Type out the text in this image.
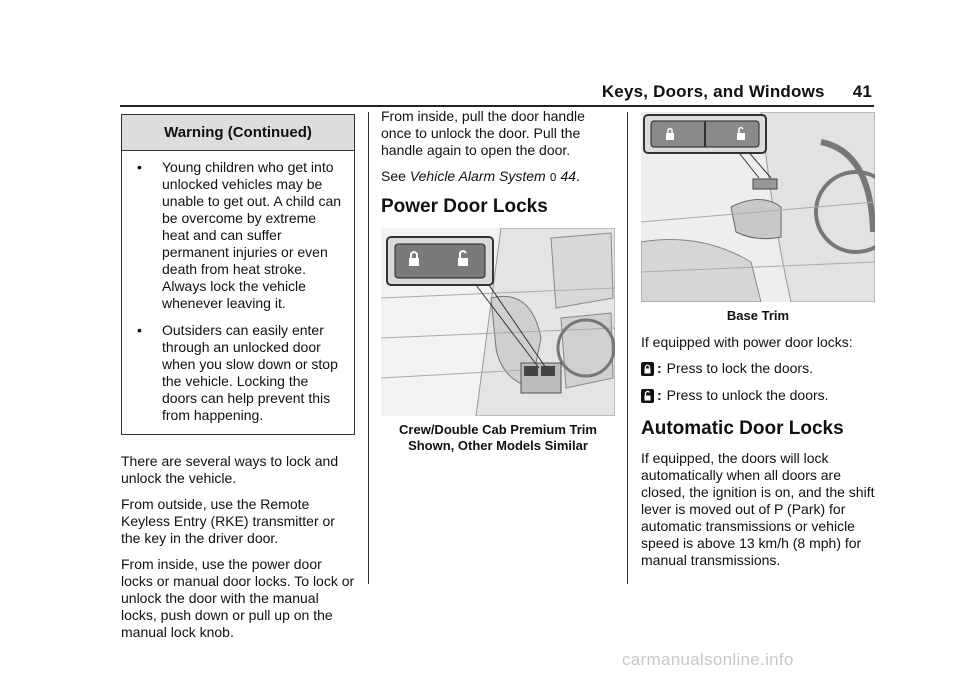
Keys, Doors, and Windows 41
Warning (Continued)
• Young children who get into unlocked vehicles may be unable to get out. A child can be overcome by extreme heat and can suffer permanent injuries or even death from heat stroke. Always lock the vehicle whenever leaving it.
• Outsiders can easily enter through an unlocked door when you slow down or stop the vehicle. Locking the doors can help prevent this from happening.

There are several ways to lock and unlock the vehicle.

From outside, use the Remote Keyless Entry (RKE) transmitter or the key in the driver door.

From inside, use the power door locks or manual door locks. To lock or unlock the door with the manual locks, push down or pull up on the manual lock knob.

From inside, pull the door handle once to unlock the door. Pull the handle again to open the door.

See Vehicle Alarm System 0 44.

Power Door Locks
Crew/Double Cab Premium Trim
Shown, Other Models Similar
Base Trim

If equipped with power door locks:

: Press to lock the doors.
: Press to unlock the doors.
Automatic Door Locks

If equipped, the doors will lock automatically when all doors are closed, the ignition is on, and the shift lever is moved out of P (Park) for automatic transmissions or vehicle speed is above 13 km/h (8 mph) for manual transmissions.

carmanualsonline.info
